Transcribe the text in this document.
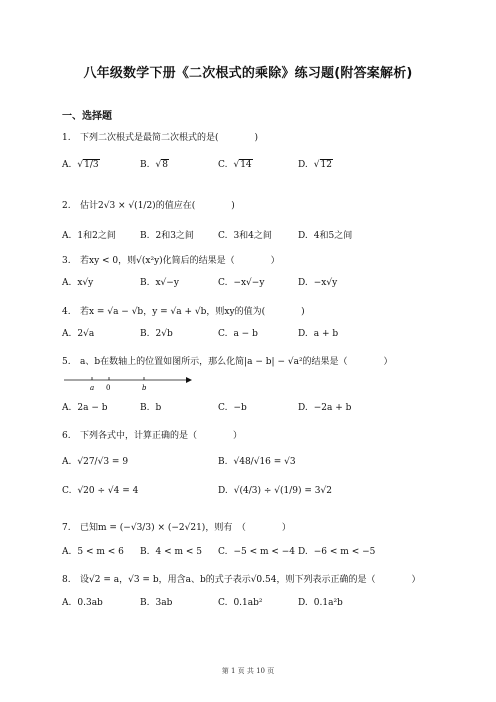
八年级数学下册《二次根式的乘除》练习题(附答案解析)
一、选择题
1. 下列二次根式是最简二次根式的是(　　　　)
A. √1/3	B. √8	C. √14	D. √12
2. 估计2√3 × √(1/2)的值应在(　　　　)
A. 1和2之间	B. 2和3之间	C. 3和4之间	D. 4和5之间
3. 若xy < 0，则√(x²y)化简后的结果是（　　　　）
A. x√y	B. x√−y	C. −x√−y	D. −x√y
4. 若x = √a − √b，y = √a + √b，则xy的值为(　　　　)
A. 2√a	B. 2√b	C. a − b	D. a + b
5. a、b在数轴上的位置如图所示，那么化简|a − b| − √a²的结果是（　　　　）
a 0	b
A. 2a − b	B. b	C. −b	D. −2a + b
6. 下列各式中，计算正确的是（　　　　）
A. √27/√3 = 9	B. √48/√16 = √3
C. √20 ÷ √4 = 4	D. √(4/3) ÷ √(1/9) = 3√2
7. 已知m = (−√3/3) × (−2√21)，则有　（　　　　）
A. 5 < m < 6 B. 4 < m < 5 C. −5 < m < −4 D. −6 < m < −5
8. 设√2 = a，√3 = b，用含a、b的式子表示√0.54，则下列表示正确的是（　　　　）
A. 0.3ab	B. 3ab	C. 0.1ab²	D. 0.1a²b
第 1 页 共 10 页
